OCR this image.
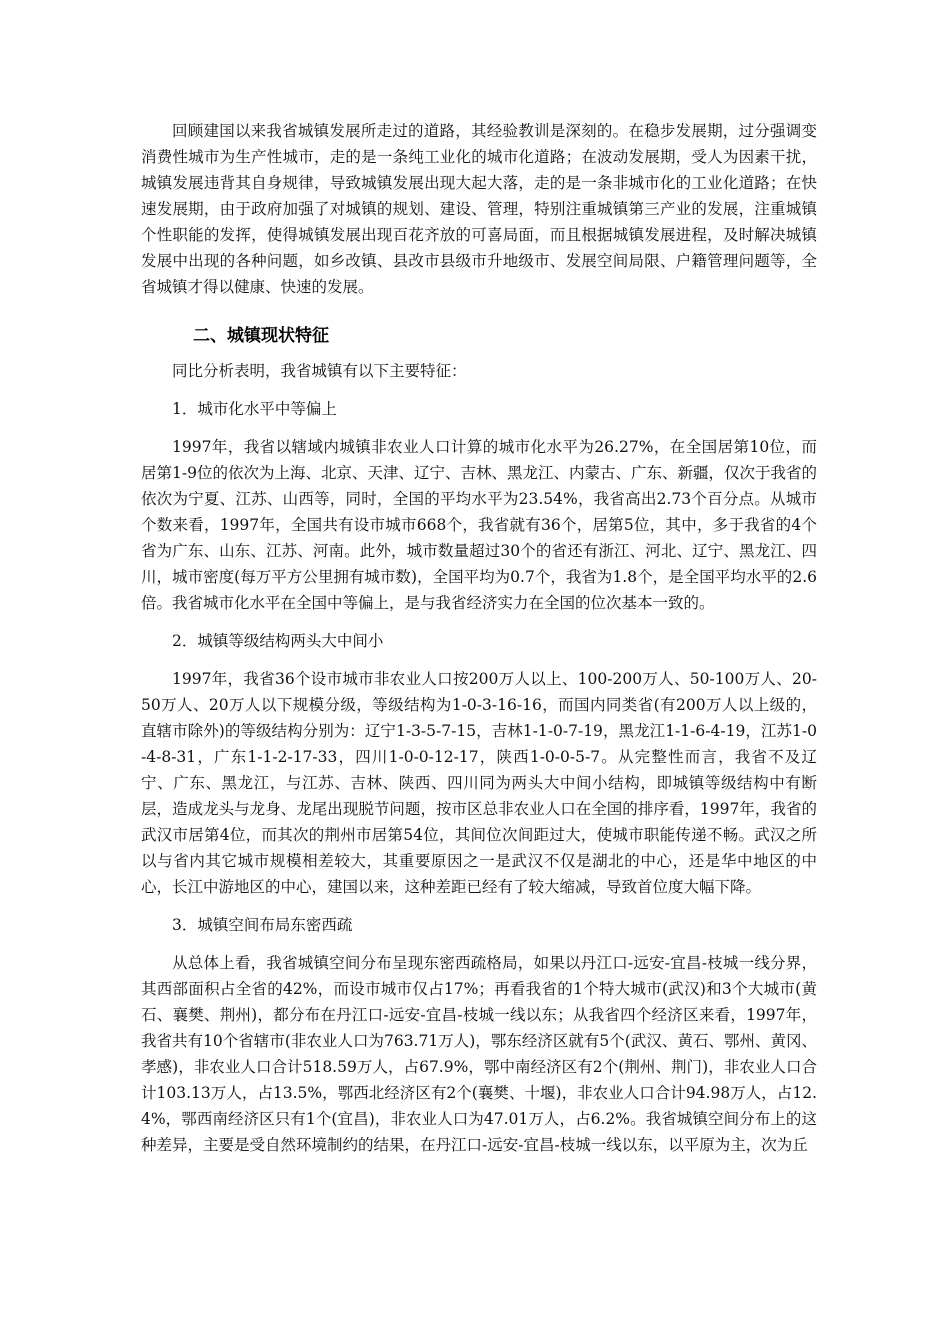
回顾建国以来我省城镇发展所走过的道路，其经验教训是深刻的。在稳步发展期，过分强调变消费性城市为生产性城市，走的是一条纯工业化的城市化道路；在波动发展期，受人为因素干扰，城镇发展违背其自身规律，导致城镇发展出现大起大落，走的是一条非城市化的工业化道路；在快速发展期，由于政府加强了对城镇的规划、建设、管理，特别注重城镇第三产业的发展，注重城镇个性职能的发挥，使得城镇发展出现百花齐放的可喜局面，而且根据城镇发展进程，及时解决城镇发展中出现的各种问题，如乡改镇、县改市县级市升地级市、发展空间局限、户籍管理问题等，全省城镇才得以健康、快速的发展。

二、城镇现状特征

同比分析表明，我省城镇有以下主要特征：

1．城市化水平中等偏上

1997年，我省以辖域内城镇非农业人口计算的城市化水平为26.27%，在全国居第10位，而居第1-9位的依次为上海、北京、天津、辽宁、吉林、黑龙江、内蒙古、广东、新疆，仅次于我省的依次为宁夏、江苏、山西等，同时，全国的平均水平为23.54%，我省高出2.73个百分点。从城市个数来看，1997年，全国共有设市城市668个，我省就有36个，居第5位，其中，多于我省的4个省为广东、山东、江苏、河南。此外，城市数量超过30个的省还有浙江、河北、辽宁、黑龙江、四川，城市密度(每万平方公里拥有城市数)，全国平均为0.7个，我省为1.8个，是全国平均水平的2.6倍。我省城市化水平在全国中等偏上，是与我省经济实力在全国的位次基本一致的。

2．城镇等级结构两头大中间小

1997年，我省36个设市城市非农业人口按200万人以上、100-200万人、50-100万人、20-50万人、20万人以下规模分级，等级结构为1-0-3-16-16，而国内同类省(有200万人以上级的，直辖市除外)的等级结构分别为：辽宁1-3-5-7-15，吉林1-1-0-7-19，黑龙江1-1-6-4-19，江苏1-0-4-8-31，广东1-1-2-17-33，四川1-0-0-12-17，陕西1-0-0-5-7。从完整性而言，我省不及辽宁、广东、黑龙江，与江苏、吉林、陕西、四川同为两头大中间小结构，即城镇等级结构中有断层，造成龙头与龙身、龙尾出现脱节问题，按市区总非农业人口在全国的排序看，1997年，我省的武汉市居第4位，而其次的荆州市居第54位，其间位次间距过大，使城市职能传递不畅。武汉之所以与省内其它城市规模相差较大，其重要原因之一是武汉不仅是湖北的中心，还是华中地区的中心，长江中游地区的中心，建国以来，这种差距已经有了较大缩减，导致首位度大幅下降。

3．城镇空间布局东密西疏

从总体上看，我省城镇空间分布呈现东密西疏格局，如果以丹江口-远安-宜昌-枝城一线分界，其西部面积占全省的42%，而设市城市仅占17%；再看我省的1个特大城市(武汉)和3个大城市(黄石、襄樊、荆州)，都分布在丹江口-远安-宜昌-枝城一线以东；从我省四个经济区来看，1997年，我省共有10个省辖市(非农业人口为763.71万人)，鄂东经济区就有5个(武汉、黄石、鄂州、黄冈、孝感)，非农业人口合计518.59万人，占67.9%，鄂中南经济区有2个(荆州、荆门)，非农业人口合计103.13万人，占13.5%，鄂西北经济区有2个(襄樊、十堰)，非农业人口合计94.98万人，占12.4%，鄂西南经济区只有1个(宜昌)，非农业人口为47.01万人，占6.2%。我省城镇空间分布上的这种差异，主要是受自然环境制约的结果，在丹江口-远安-宜昌-枝城一线以东，以平原为主，次为丘
